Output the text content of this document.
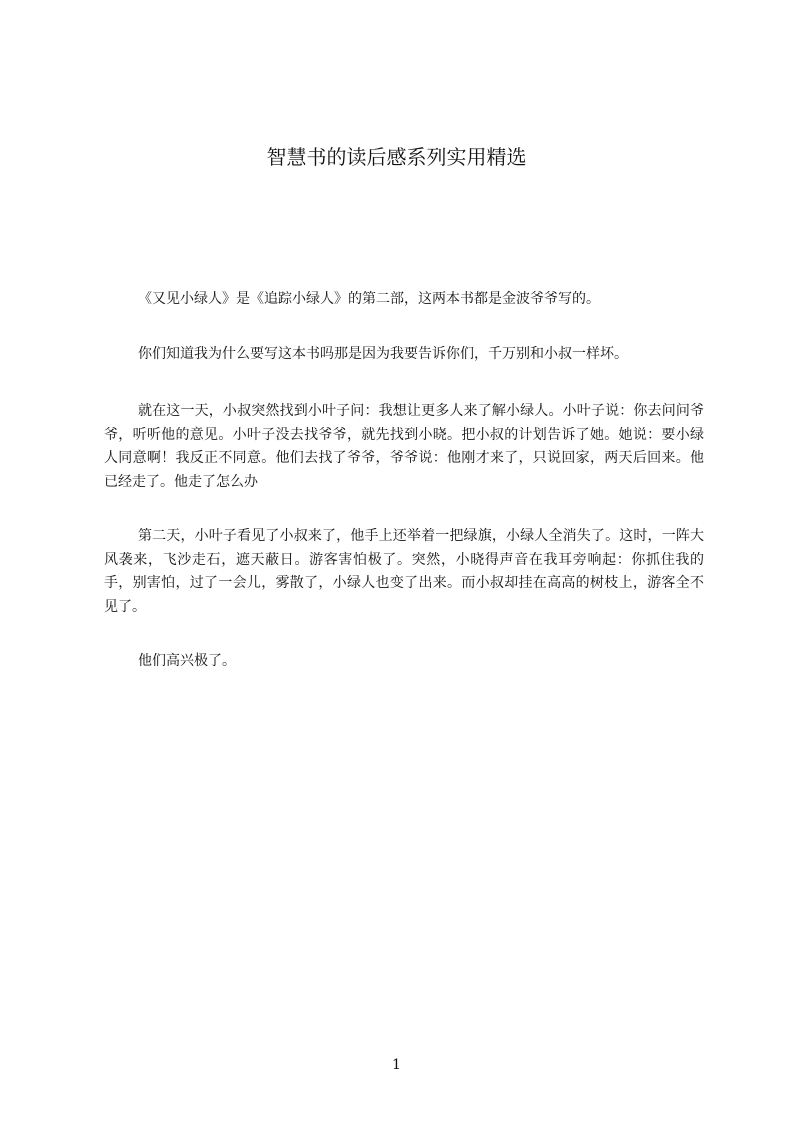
智慧书的读后感系列实用精选

《又见小绿人》是《追踪小绿人》的第二部，这两本书都是金波爷爷写的。

你们知道我为什么要写这本书吗那是因为我要告诉你们，千万别和小叔一样坏。

就在这一天，小叔突然找到小叶子问：我想让更多人来了解小绿人。小叶子说：你去问问爷爷，听听他的意见。小叶子没去找爷爷，就先找到小晓。把小叔的计划告诉了她。她说：要小绿人同意啊！我反正不同意。他们去找了爷爷，爷爷说：他刚才来了，只说回家，两天后回来。他已经走了。他走了怎么办

第二天，小叶子看见了小叔来了，他手上还举着一把绿旗，小绿人全消失了。这时，一阵大风袭来，飞沙走石，遮天蔽日。游客害怕极了。突然，小晓得声音在我耳旁响起：你抓住我的手，别害怕，过了一会儿，雾散了，小绿人也变了出来。而小叔却挂在高高的树枝上，游客全不见了。

他们高兴极了。

1
